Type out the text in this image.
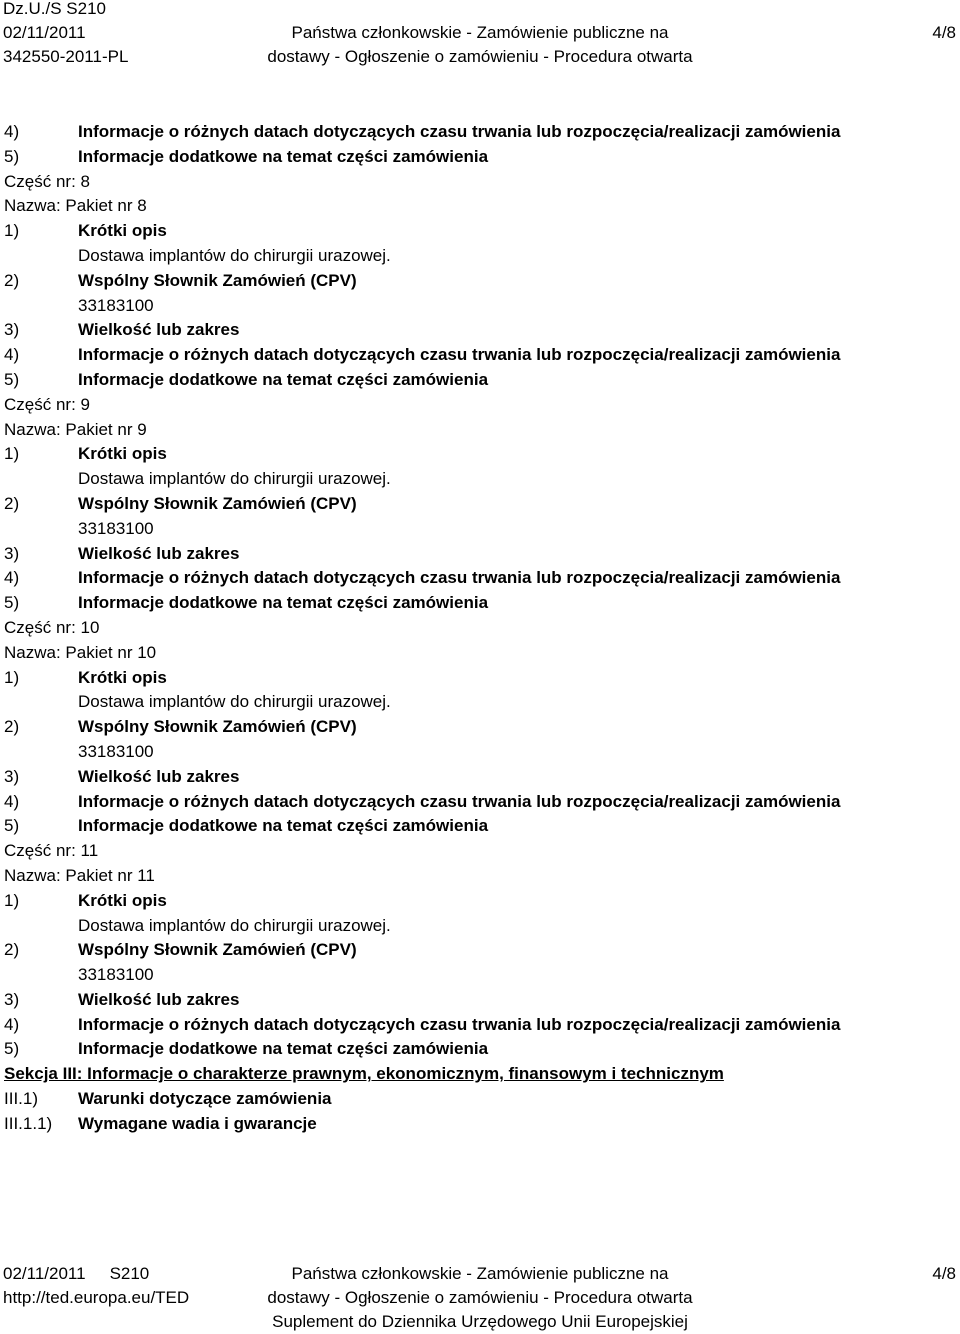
Dz.U./S S210
02/11/2011
342550-2011-PL

Państwa członkowskie - Zamówienie publiczne na
dostawy - Ogłoszenie o zamówieniu - Procedura otwarta

4/8
4)	Informacje o różnych datach dotyczących czasu trwania lub rozpoczęcia/realizacji zamówienia
5)	Informacje dodatkowe na temat części zamówienia
Część nr: 8
Nazwa: Pakiet nr 8
1)	Krótki opis
Dostawa implantów do chirurgii urazowej.
2)	Wspólny Słownik Zamówień (CPV)
33183100
3)	Wielkość lub zakres
4)	Informacje o różnych datach dotyczących czasu trwania lub rozpoczęcia/realizacji zamówienia
5)	Informacje dodatkowe na temat części zamówienia
Część nr: 9
Nazwa: Pakiet nr 9
1)	Krótki opis
Dostawa implantów do chirurgii urazowej.
2)	Wspólny Słownik Zamówień (CPV)
33183100
3)	Wielkość lub zakres
4)	Informacje o różnych datach dotyczących czasu trwania lub rozpoczęcia/realizacji zamówienia
5)	Informacje dodatkowe na temat części zamówienia
Część nr: 10
Nazwa: Pakiet nr 10
1)	Krótki opis
Dostawa implantów do chirurgii urazowej.
2)	Wspólny Słownik Zamówień (CPV)
33183100
3)	Wielkość lub zakres
4)	Informacje o różnych datach dotyczących czasu trwania lub rozpoczęcia/realizacji zamówienia
5)	Informacje dodatkowe na temat części zamówienia
Część nr: 11
Nazwa: Pakiet nr 11
1)	Krótki opis
Dostawa implantów do chirurgii urazowej.
2)	Wspólny Słownik Zamówień (CPV)
33183100
3)	Wielkość lub zakres
4)	Informacje o różnych datach dotyczących czasu trwania lub rozpoczęcia/realizacji zamówienia
5)	Informacje dodatkowe na temat części zamówienia
Sekcja III: Informacje o charakterze prawnym, ekonomicznym, finansowym i technicznym
III.1) Warunki dotyczące zamówienia
III.1.1) Wymagane wadia i gwarancje
02/11/2011 S210
http://ted.europa.eu/TED
Państwa członkowskie - Zamówienie publiczne na
dostawy - Ogłoszenie o zamówieniu - Procedura otwarta
Suplement do Dziennika Urzędowego Unii Europejskiej
4/8
